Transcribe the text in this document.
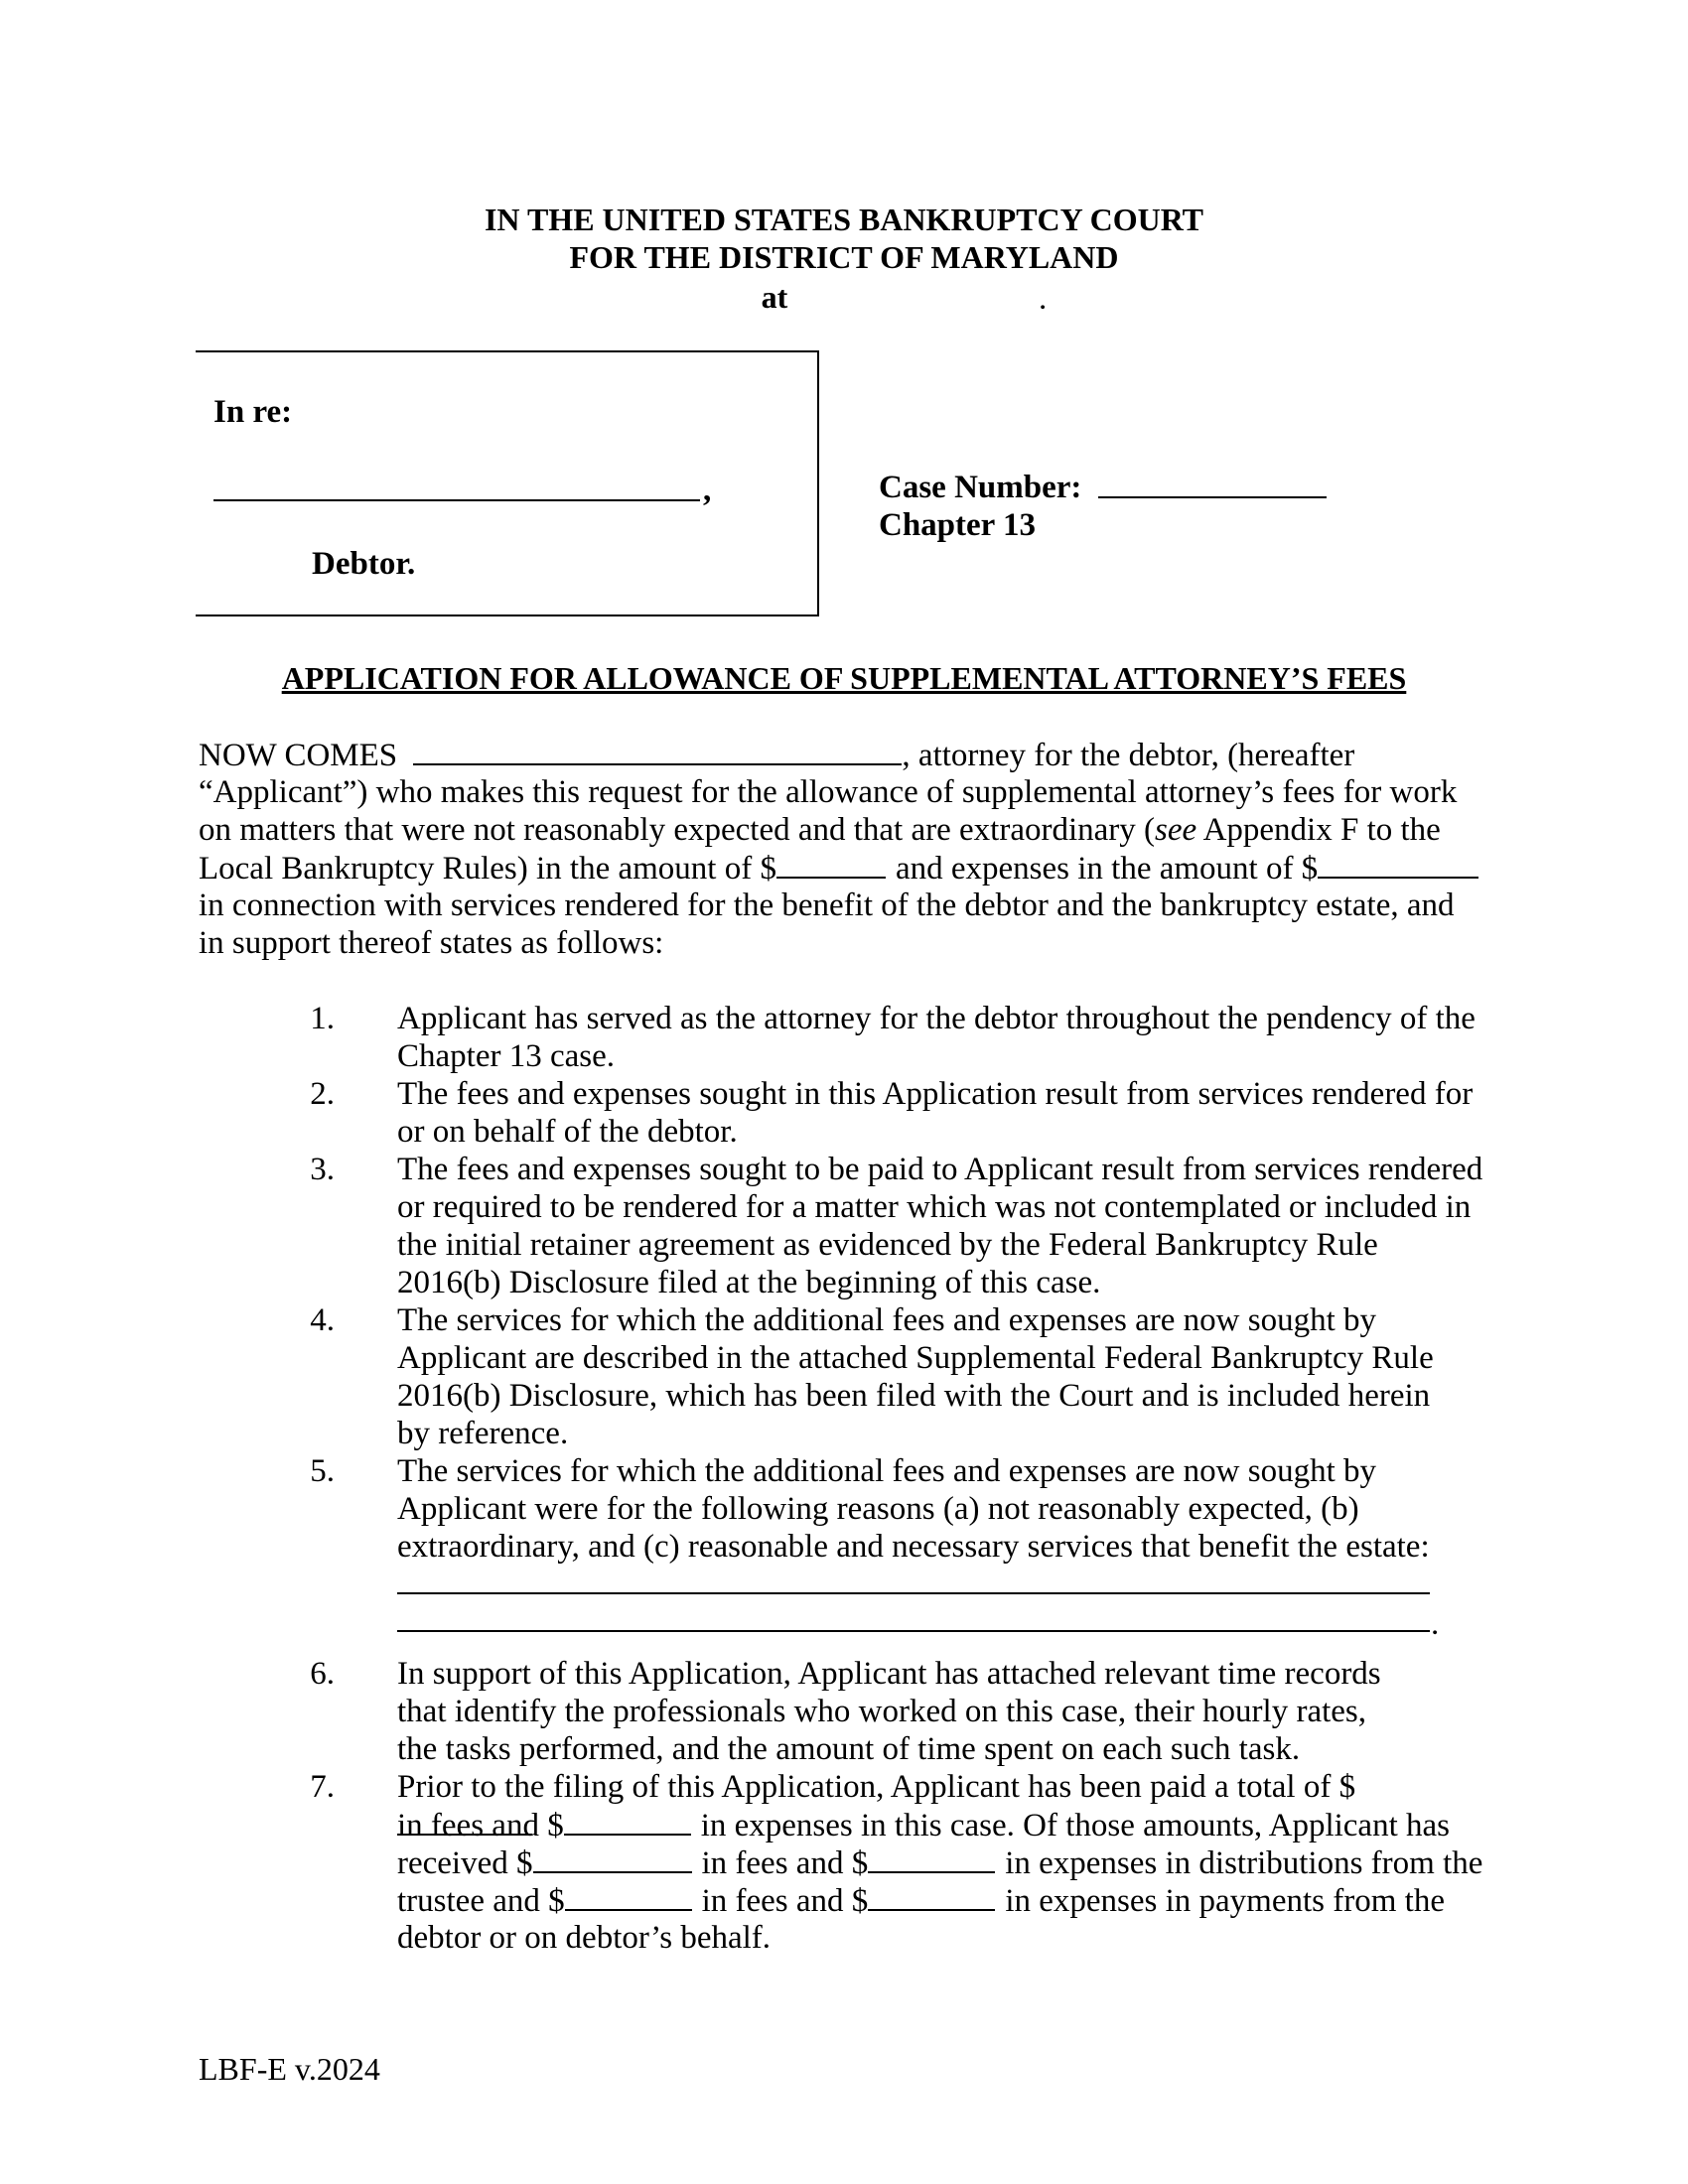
IN THE UNITED STATES BANKRUPTCY COURT
FOR THE DISTRICT OF MARYLAND
at	.
In re:
,
Debtor.
Case Number:
Chapter 13
APPLICATION FOR ALLOWANCE OF SUPPLEMENTAL ATTORNEY’S FEES
NOW COMES	, attorney for the debtor, (hereafter
“Applicant”) who makes this request for the allowance of supplemental attorney’s fees for work
on matters that were not reasonably expected and that are extraordinary (see Appendix F to the
Local Bankruptcy Rules) in the amount of $	and expenses in the amount of $
in connection with services rendered for the benefit of the debtor and the bankruptcy estate, and
in support thereof states as follows:
1. Applicant has served as the attorney for the debtor throughout the pendency of the
Chapter 13 case.
2. The fees and expenses sought in this Application result from services rendered for
or on behalf of the debtor.
3. The fees and expenses sought to be paid to Applicant result from services rendered
or required to be rendered for a matter which was not contemplated or included in
the initial retainer agreement as evidenced by the Federal Bankruptcy Rule
2016(b) Disclosure filed at the beginning of this case.
4. The services for which the additional fees and expenses are now sought by
Applicant are described in the attached Supplemental Federal Bankruptcy Rule
2016(b) Disclosure, which has been filed with the Court and is included herein
by reference.
5. The services for which the additional fees and expenses are now sought by
Applicant were for the following reasons (a) not reasonably expected, (b)
extraordinary, and (c) reasonable and necessary services that benefit the estate:
.
6. In support of this Application, Applicant has attached relevant time records
that identify the professionals who worked on this case, their hourly rates,
the tasks performed, and the amount of time spent on each such task.
7. Prior to the filing of this Application, Applicant has been paid a total of $
in fees and $	in expenses in this case. Of those amounts, Applicant has
received $	in fees and $	in expenses in distributions from the
trustee and $	in fees and $	in expenses in payments from the
debtor or on debtor’s behalf.
LBF-E v.2024
